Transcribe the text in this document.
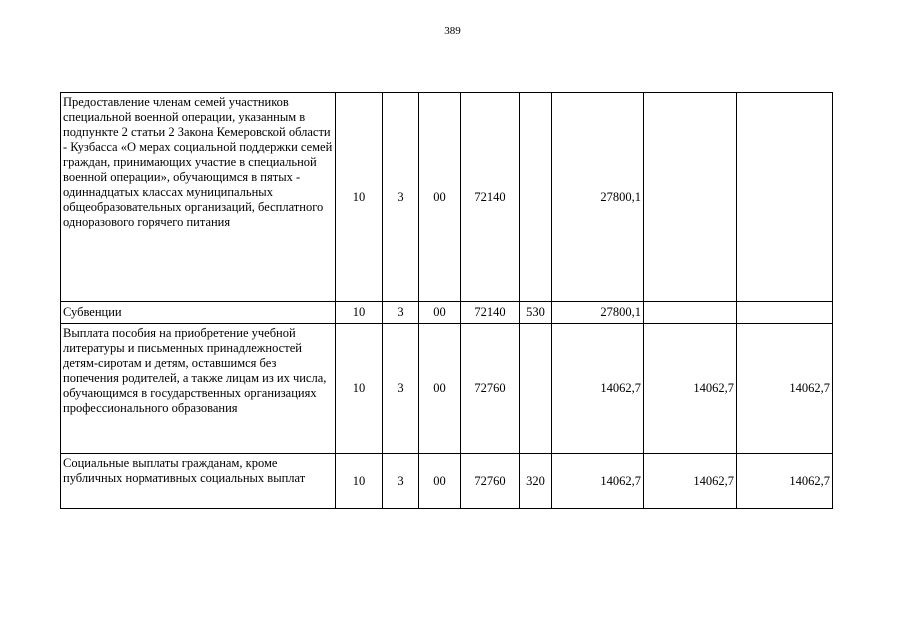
389
Предоставление членам семей участников специальной военной операции, указанным в подпункте 2 статьи 2 Закона Кемеровской области - Кузбасса «О мерах социальной поддержки семей граждан, принимающих участие в специальной военной операции», обучающимся в пятых - одиннадцатых классах муниципальных общеобразовательных организаций, бесплатного одноразового горячего питания	10	3	00	72140		27800,1		
Субвенции	10	3	00	72140	530	27800,1		
Выплата пособия на приобретение учебной литературы и письменных принадлежностей детям-сиротам и детям, оставшимся без попечения родителей, а также лицам из их числа, обучающимся в государственных организациях профессионального образования	10	3	00	72760		14062,7	14062,7	14062,7
Социальные выплаты гражданам, кроме публичных нормативных социальных выплат	10	3	00	72760	320	14062,7	14062,7	14062,7
